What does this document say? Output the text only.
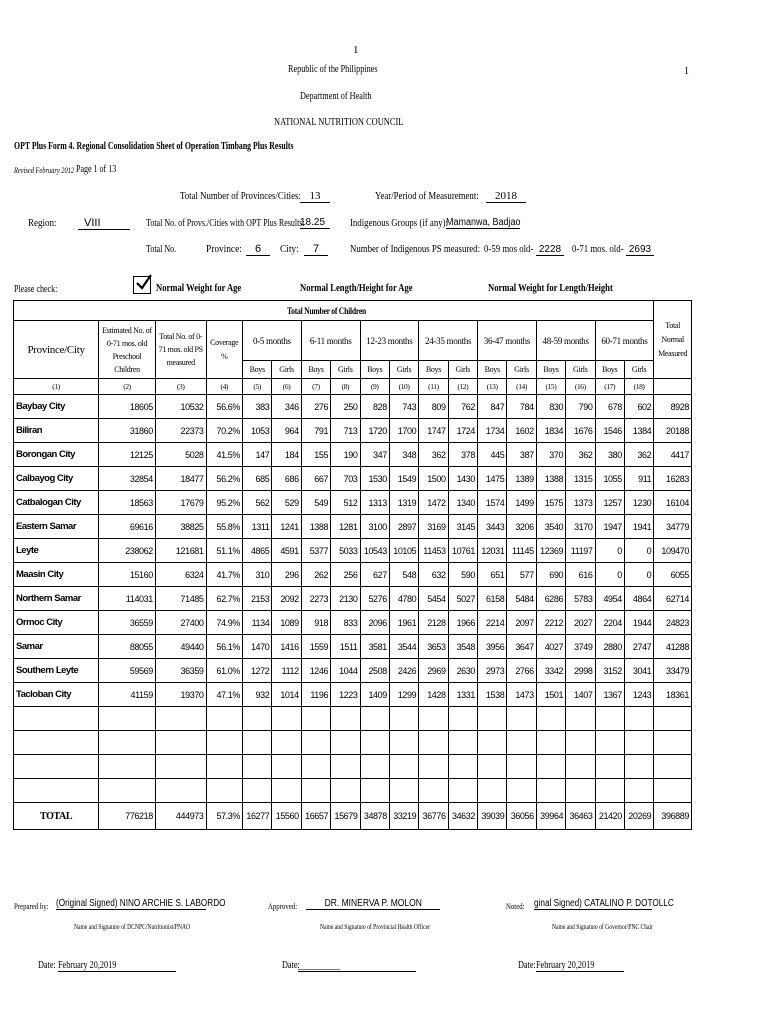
1
1
Republic of the Philippines
Department of Health
NATIONAL NUTRITION COUNCIL
OPT Plus Form 4. Regional Consolidation Sheet of Operation Timbang Plus Results
Revised February 2012 Page 1 of 13
Total Number of Provinces/Cities: 13	Year/Period of Measurement:	2018
Region:	VIII	Total No. of Provs./Cities with OPT Plus Results:
18.25	Indigenous Groups (if any):
Mamanwa, Badjao
Total No.	Province:	6	City:	7	Number of Indigenous PS measured: 0-59 mos old- 2228 0-71 mos. old- 2693
Please check:	Normal Weight for Age	Normal Length/Height for Age	Normal Weight for Length/Height
Total Number of Children																		Total Normal Measured
Province/City	Estimated No. of 0-71 mos. old Preschool Children	Total No. of 0-71 mos. old PS measured	Coverage %	0-5 months		6-11 months		12-23 months		24-35 months		36-47 months		48-59 months		60-71 months		
				Boys	Girls	Boys	Girls	Boys	Girls	Boys	Girls	Boys	Girls	Boys	Girls	Boys	Girls	
(1)	(2)	(3)	(4)	(5)	(6)	(7)	(8)	(9)	(10)	(11)	(12)	(13)	(14)	(15)	(16)	(17)	(18)	
Baybay City	18605	10532	56.6%	383	346	276	250	828	743	809	762	847	784	830	790	678	602	8928
Biliran	31860	22373	70.2%	1053	964	791	713	1720	1700	1747	1724	1734	1602	1834	1676	1546	1384	20188
Borongan City	12125	5028	41.5%	147	184	155	190	347	348	362	378	445	387	370	362	380	362	4417
Calbayog City	32854	18477	56.2%	685	686	667	703	1530	1549	1500	1430	1475	1389	1388	1315	1055	911	16283
Catbalogan City	18563	17679	95.2%	562	529	549	512	1313	1319	1472	1340	1574	1499	1575	1373	1257	1230	16104
Eastern Samar	69616	38825	55.8%	1311	1241	1388	1281	3100	2897	3169	3145	3443	3206	3540	3170	1947	1941	34779
Leyte	238062	121681	51.1%	4865	4591	5377	5033	10543	10105	11453	10761	12031	11145	12369	11197	0	0	109470
Maasin City	15160	6324	41.7%	310	296	262	256	627	548	632	590	651	577	690	616	0	0	6055
Northern Samar	114031	71485	62.7%	2153	2092	2273	2130	5276	4780	5454	5027	6158	5484	6286	5783	4954	4864	62714
Ormoc City	36559	27400	74.9%	1134	1089	918	833	2096	1961	2128	1966	2214	2097	2212	2027	2204	1944	24823
Samar	88055	49440	56.1%	1470	1416	1559	1511	3581	3544	3653	3548	3956	3647	4027	3749	2880	2747	41288
Southern Leyte	59569	36359	61.0%	1272	1112	1246	1044	2508	2426	2969	2630	2973	2766	3342	2998	3152	3041	33479
Tacloban City	41159	19370	47.1%	932	1014	1196	1223	1409	1299	1428	1331	1538	1473	1501	1407	1367	1243	18361

TOTAL	776218	444973	57.3%	16277	15560	16657	15679	34878	33219	36776	34632	39039	36056	39964	36463	21420	20269	396889
Prepared by: (Original Signed) NINO ARCHIE S. LABORDO
Name and Signature of DCNPC/Nutritionist/PNAO
Approved:	DR. MINERVA P. MOLON
Name and Signature of Provincial Health Officer
Noted: ginal Signed) CATALINO P. DOTOLLC
Name and Signature of Governor/PNC Chair
Date: February 20,2019	Date:
______________	Date: February 20,2019
